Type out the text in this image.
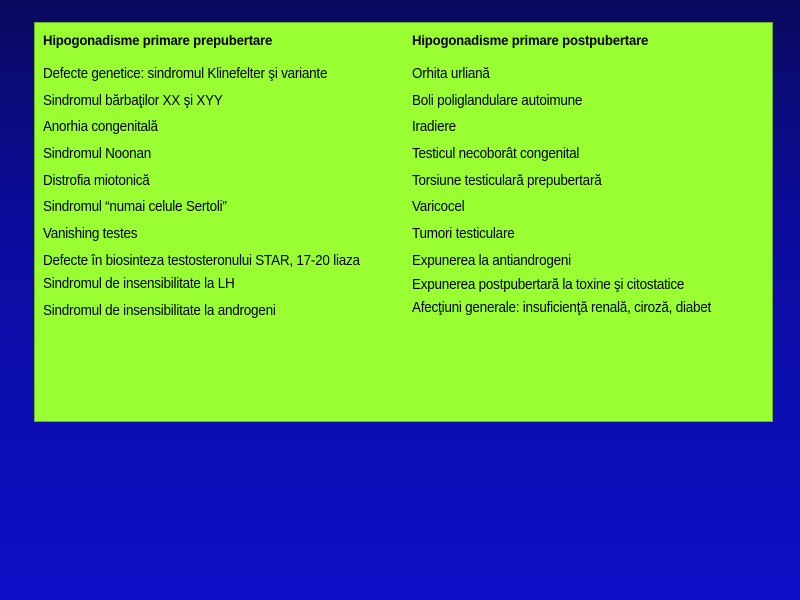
Hipogonadisme primare prepubertare
Defecte genetice: sindromul Klinefelter şi variante
Sindromul bărbaţilor XX şi XYY
Anorhia congenitală
Sindromul Noonan
Distrofia miotonică
Sindromul “numai celule Sertoli”
Vanishing testes
Defecte în biosinteza testosteronului STAR, 17-20 liaza
Sindromul de insensibilitate la LH
Sindromul de insensibilitate la androgeni
Hipogonadisme primare postpubertare
Orhita urliană
Boli poliglandulare autoimune
Iradiere
Testicul necoborât congenital
Torsiune testiculară prepubertară
Varicocel
Tumori testiculare
Expunerea la antiandrogeni
Expunerea postpubertară la toxine şi citostatice
Afecţiuni generale: insuficienţă renală, ciroză, diabet
